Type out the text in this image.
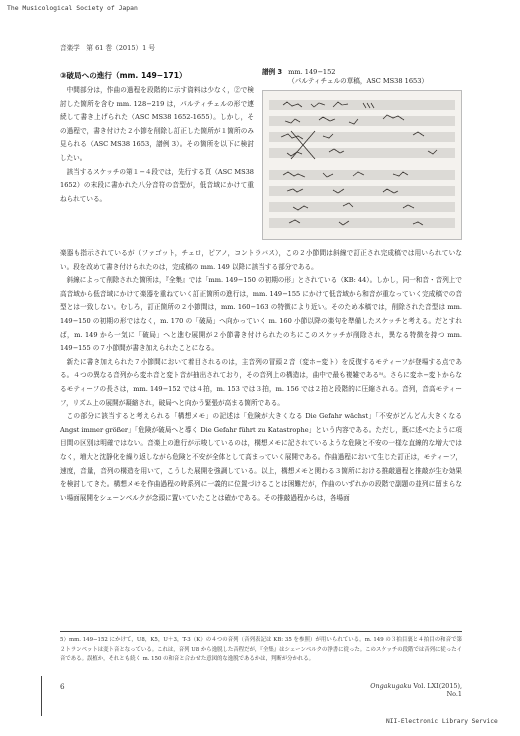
The Musicological Society of Japan
音楽学　第 61 巻（2015）1 号
③破局への進行（mm. 149−171）

中間部分は，作曲の過程を段階的に示す資料は少なく，②で検討した箇所を含む mm. 128−219 は，パルティチェルの形で連続して書き上げられた（ASC MS38 1652-1655）。しかし，その過程で，書き付けた２小節を削除し訂正した箇所が１箇所のみ見られる（ASC MS38 1653，譜例 3）。その箇所を以下に検討したい。

該当するスケッチの第１−４段では，先行する頁（ASC MS38 1652）の末段に書かれた八分音符の音型が，低音域にかけて重ねられている。

譜例 3 mm. 149−152
（パルティチェルの草稿，ASC MS38 1653）

楽器も指示されているが（ファゴット，チェロ，ピアノ，コントラバス），この２小節間は斜線で訂正され完成稿では用いられていない。段を改めて書き付けられたのは，完成稿の mm. 149 以降に該当する部分である。

斜線によって削除された箇所は，『全集』では「mm. 149−150 の初期の形」とされている（KB: 44）。しかし，同一和音・音列上で高音域から低音域にかけて楽器を重ねていく訂正箇所の進行は，mm. 149−155 にかけて低音域から和音が重なっていく完成稿での音型とは一致しない。むしろ，訂正箇所の２小節間は，mm. 160−163 の特徴により近い。そのため本稿では，削除された音型は mm. 149−150 の初期の形ではなく，m. 170 の「破局」へ向かっていく m. 160 小節以降の楽句を準備したスケッチと考える。だとすれば，m. 149 から一気に「破局」へと進む展開が２小節書き付けられたのちにこのスケッチが削除され，異なる特徴を持つ mm. 149−155 の７小節間が書き加えられたことになる。

新たに書き加えられた７小節間において着目されるのは，主音列の冒頭２音（変ホ−変ト）を反復するモティーフが登場する点である。４つの異なる音列から変ホ音と変ト音が抽出されており，その音列上の構造は，曲中で最も複雑である⁵⁾。さらに変ホ−変トからなるモティーフの長さは，mm. 149−152 では４拍，m. 153 では３拍，m. 156 では２拍と段階的に圧縮される。音列，音高モティーフ，リズム上の展開が凝縮され，破局へと向かう緊張が高まる箇所である。

この部分に該当すると考えられる「構想メモ」の記述は「危険が大きくなる Die Gefahr wächst」「不安がどんどん大きくなる Angst immer größer」「危険が破局へと導く Die Gefahr führt zu Katastrophe」という内容である。ただし，既に述べたように項目間の区別は明確ではない。音楽上の進行が示唆しているのは，構想メモに記されているような危険と不安の一様な直線的な増大ではなく，増大と沈静化を繰り返しながら危険と不安が全体として高まっていく展開である。作曲過程において生じた訂正は，モティーフ，速度，音量，音列の構造を用いて，こうした展開を強調している。以上，構想メモと関わる３箇所における推敲過程と推敲が生む効果を検討してきた。構想メモを作曲過程の時系列に一義的に位置づけることは困難だが，作曲のいずれかの段階で副題の並列に留まらない場面展開をシェーンベルクが念頭に置いていたことは確かである。その推敲過程からは，各場面

5）mm. 149−152 にかけて，U8，K5，U＋3，T-3（K）の４つの音列（音列表記は KB: 35 を参照）が用いられている。m. 149 の３拍目裏と４拍目の和音で第２トランペットは変ト音となっている。これは，音列 U8 から逸脱した音程だが，『全集』はシェーンベルクの浄書に従った。このスケッチの段階では音列に従ったイ音である。誤植か，それとも続く m. 150 の和音と合わせた意図的な逸脱であるかは，判断が分かれる。
6	Ongakugaku Vol. LXI(2015), No.1
NII-Electronic Library Service
